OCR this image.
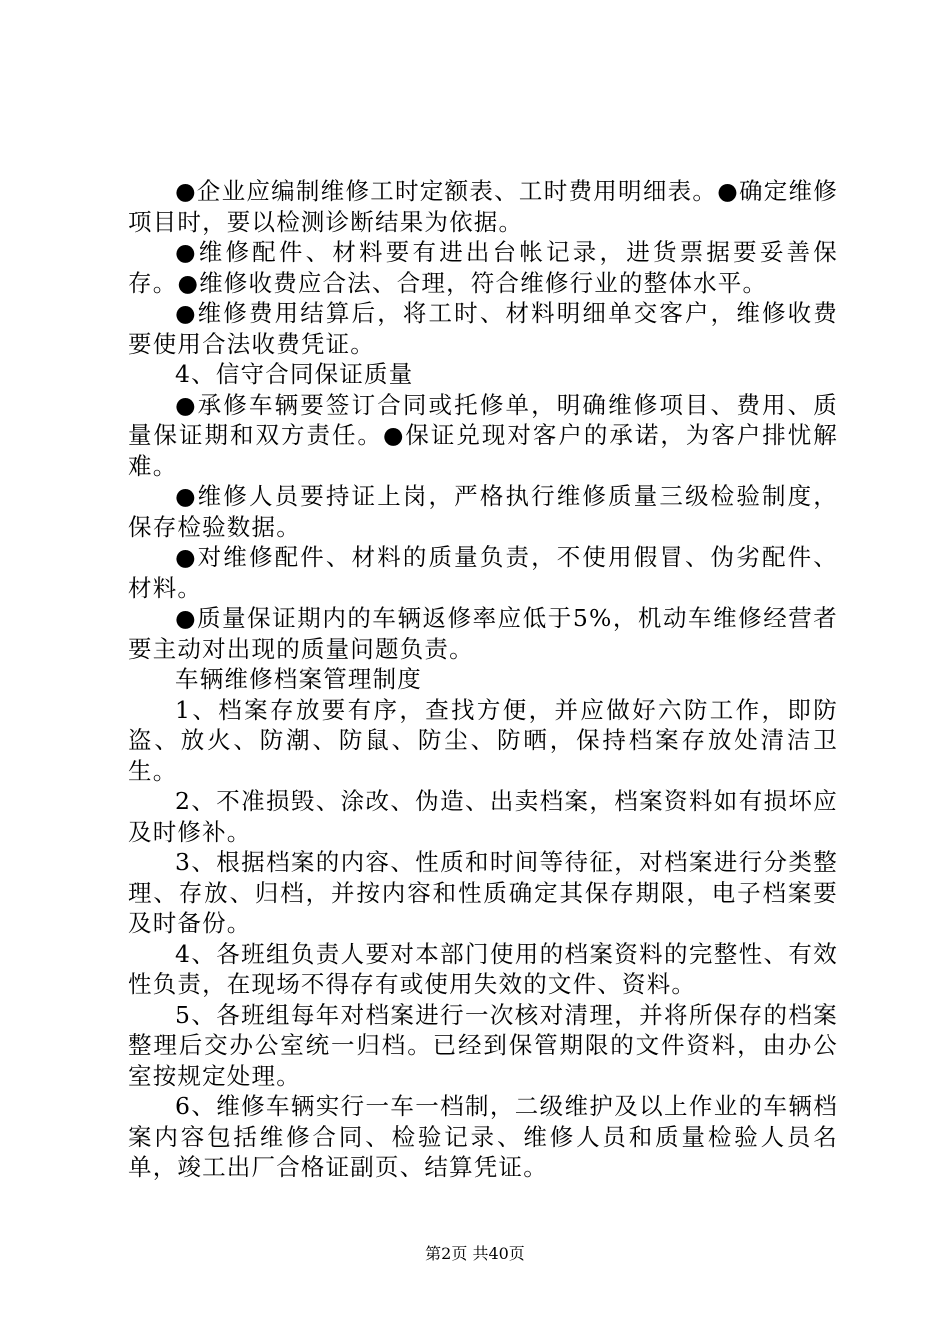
●企业应编制维修工时定额表、工时费用明细表。●确定维修项目时，要以检测诊断结果为依据。

●维修配件、材料要有进出台帐记录，进货票据要妥善保存。●维修收费应合法、合理，符合维修行业的整体水平。

●维修费用结算后，将工时、材料明细单交客户，维修收费要使用合法收费凭证。

4、信守合同保证质量

●承修车辆要签订合同或托修单，明确维修项目、费用、质量保证期和双方责任。●保证兑现对客户的承诺，为客户排忧解难。

●维修人员要持证上岗，严格执行维修质量三级检验制度，保存检验数据。

●对维修配件、材料的质量负责，不使用假冒、伪劣配件、材料。

●质量保证期内的车辆返修率应低于5%，机动车维修经营者要主动对出现的质量问题负责。

车辆维修档案管理制度

1、档案存放要有序，查找方便，并应做好六防工作，即防盗、放火、防潮、防鼠、防尘、防晒，保持档案存放处清洁卫生。

2、不准损毁、涂改、伪造、出卖档案，档案资料如有损坏应及时修补。

3、根据档案的内容、性质和时间等待征，对档案进行分类整理、存放、归档，并按内容和性质确定其保存期限，电子档案要及时备份。

4、各班组负责人要对本部门使用的档案资料的完整性、有效性负责，在现场不得存有或使用失效的文件、资料。

5、各班组每年对档案进行一次核对清理，并将所保存的档案整理后交办公室统一归档。已经到保管期限的文件资料，由办公室按规定处理。

6、维修车辆实行一车一档制，二级维护及以上作业的车辆档案内容包括维修合同、检验记录、维修人员和质量检验人员名单，竣工出厂合格证副页、结算凭证。

第2页 共40页
